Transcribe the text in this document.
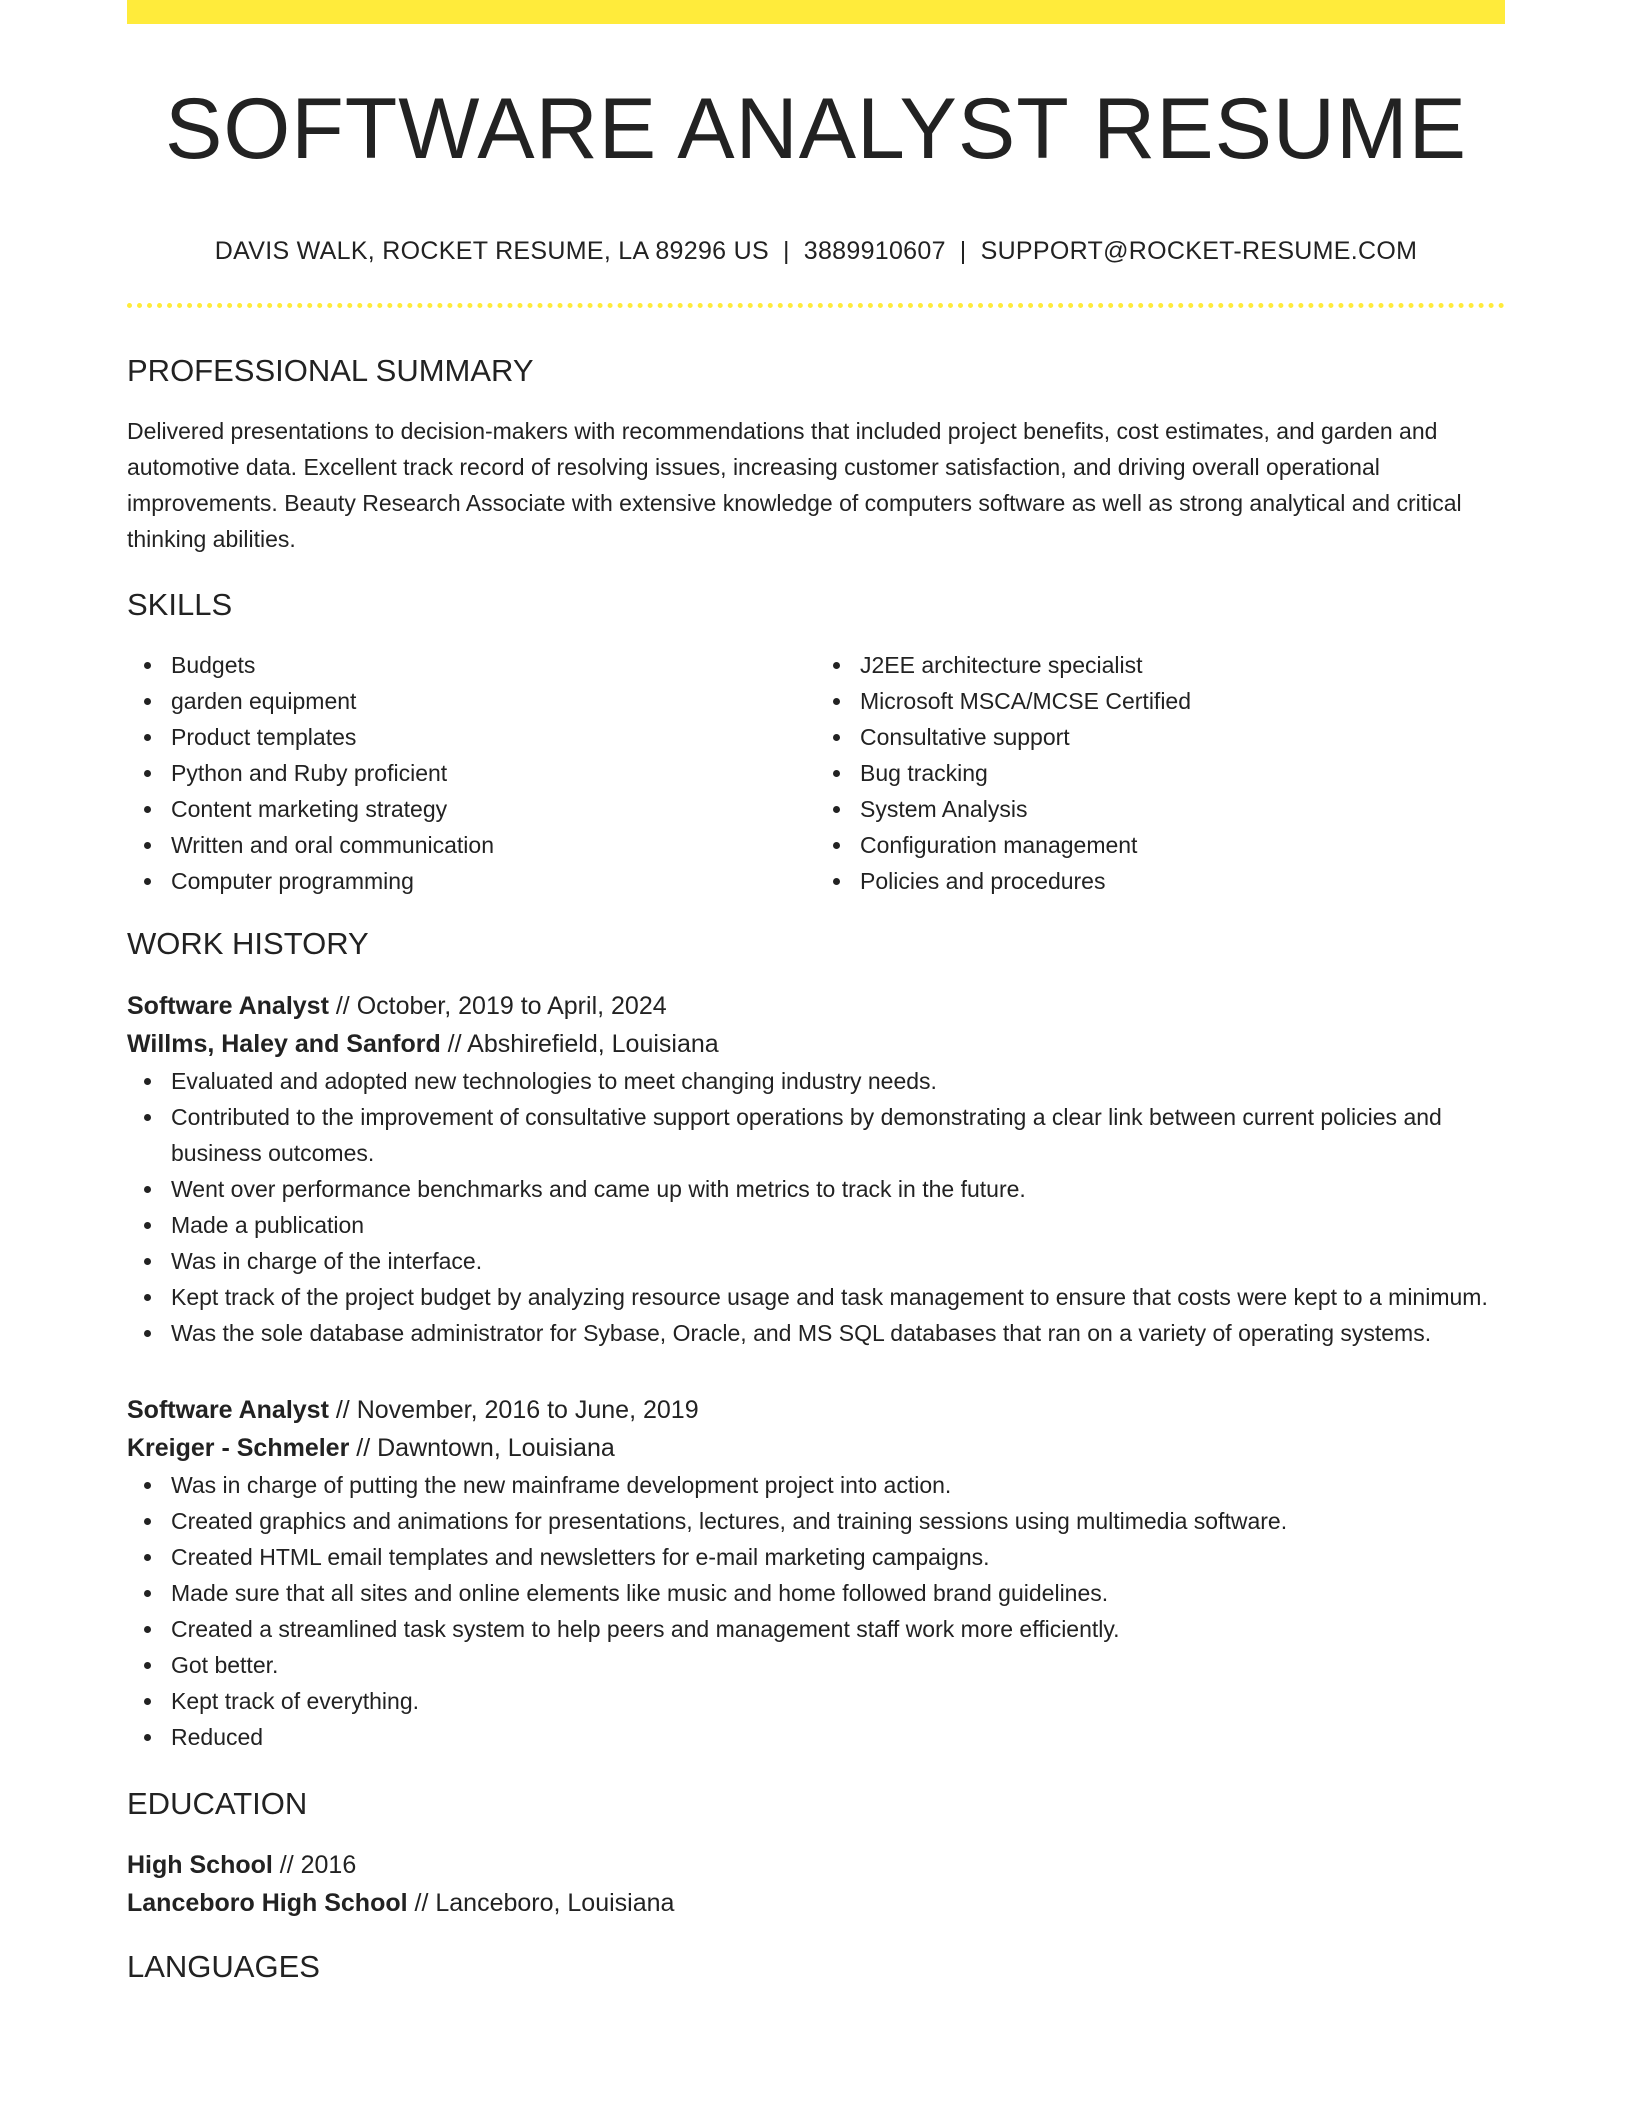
SOFTWARE ANALYST RESUME
DAVIS WALK, ROCKET RESUME, LA 89296 US | 3889910607 | SUPPORT@ROCKET-RESUME.COM
PROFESSIONAL SUMMARY
Delivered presentations to decision-makers with recommendations that included project benefits, cost estimates, and garden and automotive data. Excellent track record of resolving issues, increasing customer satisfaction, and driving overall operational improvements. Beauty Research Associate with extensive knowledge of computers software as well as strong analytical and critical thinking abilities.
SKILLS
Budgets
garden equipment
Product templates
Python and Ruby proficient
Content marketing strategy
Written and oral communication
Computer programming
J2EE architecture specialist
Microsoft MSCA/MCSE Certified
Consultative support
Bug tracking
System Analysis
Configuration management
Policies and procedures
WORK HISTORY
Software Analyst // October, 2019 to April, 2024
Willms, Haley and Sanford // Abshirefield, Louisiana
Evaluated and adopted new technologies to meet changing industry needs.
Contributed to the improvement of consultative support operations by demonstrating a clear link between current policies and business outcomes.
Went over performance benchmarks and came up with metrics to track in the future.
Made a publication
Was in charge of the interface.
Kept track of the project budget by analyzing resource usage and task management to ensure that costs were kept to a minimum.
Was the sole database administrator for Sybase, Oracle, and MS SQL databases that ran on a variety of operating systems.
Software Analyst // November, 2016 to June, 2019
Kreiger - Schmeler // Dawntown, Louisiana
Was in charge of putting the new mainframe development project into action.
Created graphics and animations for presentations, lectures, and training sessions using multimedia software.
Created HTML email templates and newsletters for e-mail marketing campaigns.
Made sure that all sites and online elements like music and home followed brand guidelines.
Created a streamlined task system to help peers and management staff work more efficiently.
Got better.
Kept track of everything.
Reduced
EDUCATION
High School // 2016
Lanceboro High School // Lanceboro, Louisiana
LANGUAGES
